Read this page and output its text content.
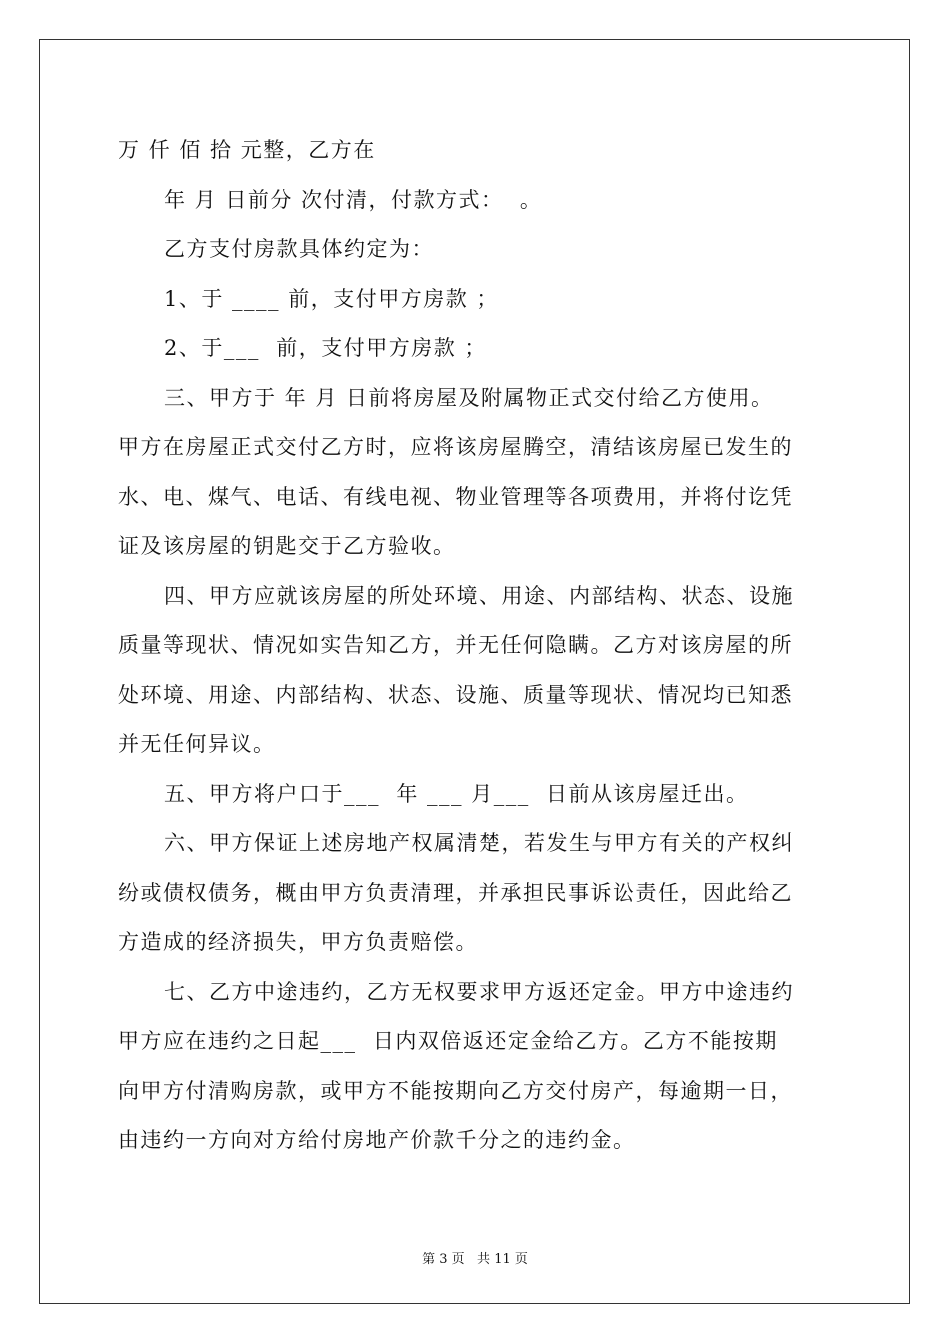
万 仟 佰 拾 元整，乙方在
年 月 日前分 次付清，付款方式：  。
乙方支付房款具体约定为：
1、于 ____ 前，支付甲方房款 ；
2、于___  前，支付甲方房款 ；
三、甲方于 年 月 日前将房屋及附属物正式交付给乙方使用。
甲方在房屋正式交付乙方时，应将该房屋腾空，清结该房屋已发生的
水、电、煤气、电话、有线电视、物业管理等各项费用，并将付讫凭
证及该房屋的钥匙交于乙方验收。
四、甲方应就该房屋的所处环境、用途、内部结构、状态、设施
质量等现状、情况如实告知乙方，并无任何隐瞒。乙方对该房屋的所
处环境、用途、内部结构、状态、设施、质量等现状、情况均已知悉
并无任何异议。
五、甲方将户口于___  年 ___ 月___  日前从该房屋迁出。
六、甲方保证上述房地产权属清楚，若发生与甲方有关的产权纠
纷或债权债务，概由甲方负责清理，并承担民事诉讼责任，因此给乙
方造成的经济损失，甲方负责赔偿。
七、乙方中途违约，乙方无权要求甲方返还定金。甲方中途违约
甲方应在违约之日起___  日内双倍返还定金给乙方。乙方不能按期
向甲方付清购房款，或甲方不能按期向乙方交付房产，每逾期一日，
由违约一方向对方给付房地产价款千分之的违约金。
第 3 页   共 11 页
